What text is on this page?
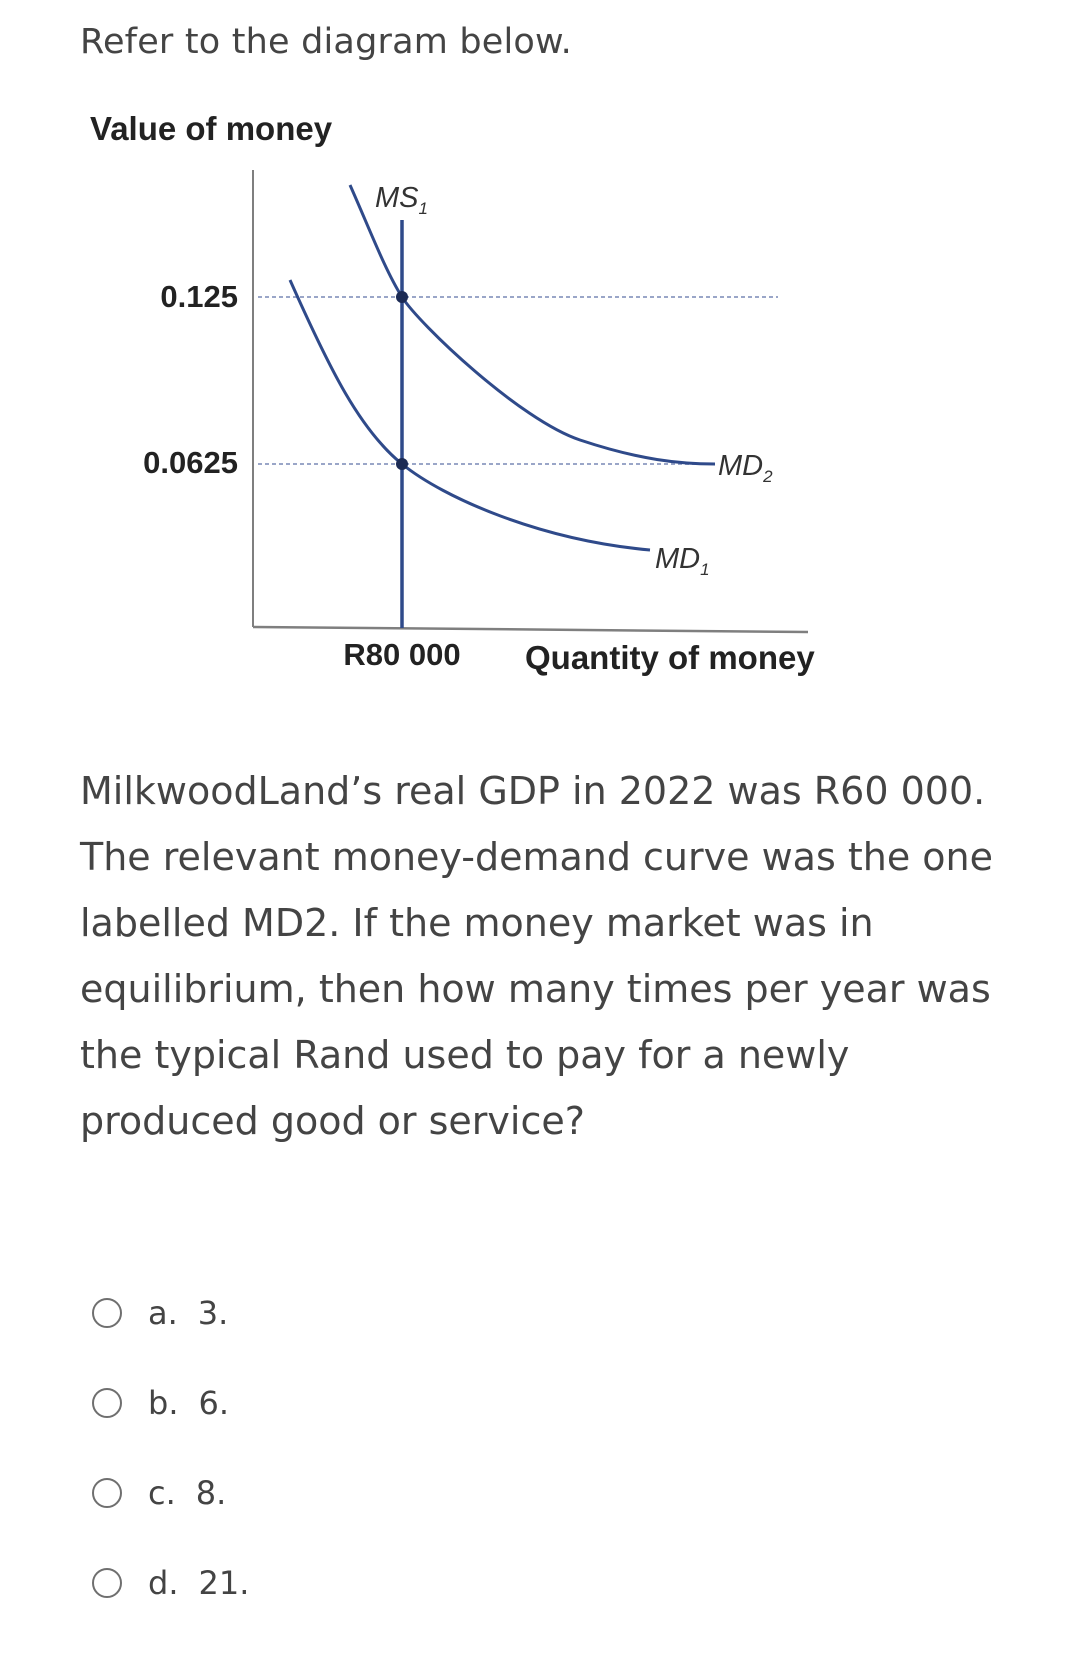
Refer to the diagram below.
Value of money
0.125
0.0625
$MS_1$
$MD_2$
$MD_1$
R80 000 Quantity of money
MilkwoodLand’s real GDP in 2022 was R60 000. The relevant money-demand curve was the one labelled MD2. If the money market was in equilibrium, then how many times per year was the typical Rand used to pay for a newly produced good or service?
a. 3.
b. 6.
c. 8.
d. 21.
